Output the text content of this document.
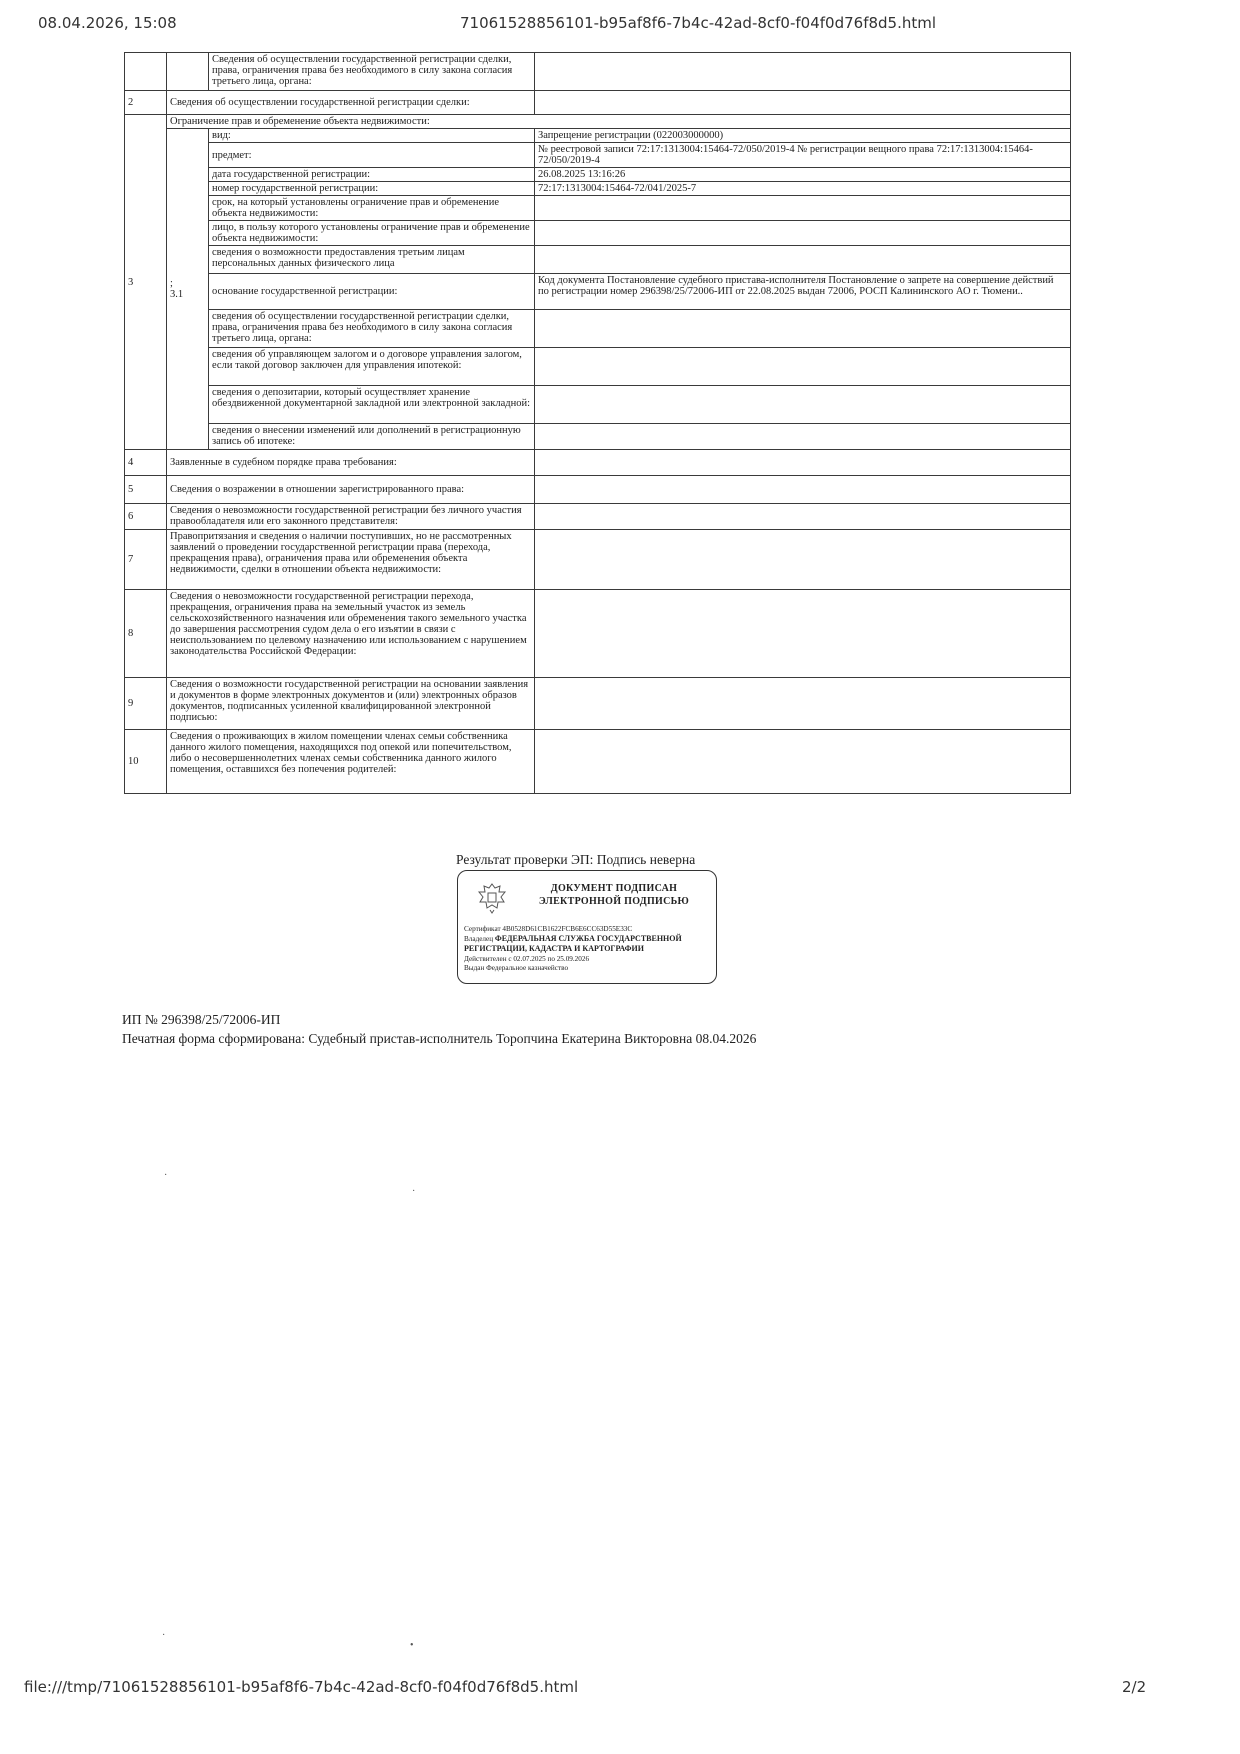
08.04.2026, 15:08	71061528856101-b95af8f6-7b4c-42ad-8cf0-f04f0d76f8d5.html
		Сведения об осуществлении государственной регистрации сделки, права, ограничения права без необходимого в силу закона согласия третьего лица, органа:	
2	Сведения об осуществлении государственной регистрации сделки:		
3	Ограничение прав и обременение объекта недвижимости:		
	;
3.1	вид:	Запрещение регистрации (022003000000)
		предмет:	№ реестровой записи 72:17:1313004:15464-72/050/2019-4 № регистрации вещного права 72:17:1313004:15464-72/050/2019-4
		дата государственной регистрации:	26.08.2025 13:16:26
		номер государственной регистрации:	72:17:1313004:15464-72/041/2025-7
		срок, на который установлены ограничение прав и обременение объекта недвижимости:	
		лицо, в пользу которого установлены ограничение прав и обременение объекта недвижимости:	
		сведения о возможности предоставления третьим лицам персональных данных физического лица	
		основание государственной регистрации:	Код документа Постановление судебного пристава-исполнителя Постановление о запрете на совершение действий по регистрации номер 296398/25/72006-ИП от 22.08.2025 выдан 72006, РОСП Калининского АО г. Тюмени..
		сведения об осуществлении государственной регистрации сделки, права, ограничения права без необходимого в силу закона согласия третьего лица, органа:	
		сведения об управляющем залогом и о договоре управления залогом, если такой договор заключен для управления ипотекой:	
		сведения о депозитарии, который осуществляет хранение обездвиженной документарной закладной или электронной закладной:	
		сведения о внесении изменений или дополнений в регистрационную запись об ипотеке:	
4	Заявленные в судебном порядке права требования:		
5	Сведения о возражении в отношении зарегистрированного права:		
6	Сведения о невозможности государственной регистрации без личного участия правообладателя или его законного представителя:		
7	Правопритязания и сведения о наличии поступивших, но не рассмотренных заявлений о проведении государственной регистрации права (перехода, прекращения права), ограничения права или обременения объекта недвижимости, сделки в отношении объекта недвижимости:		
8	Сведения о невозможности государственной регистрации перехода, прекращения, ограничения права на земельный участок из земель сельскохозяйственного назначения или обременения такого земельного участка до завершения рассмотрения судом дела о его изъятии в связи с неиспользованием по целевому назначению или использованием с нарушением законодательства Российской Федерации:		
9	Сведения о возможности государственной регистрации на основании заявления и документов в форме электронных документов и (или) электронных образов документов, подписанных усиленной квалифицированной электронной подписью:		
10	Сведения о проживающих в жилом помещении членах семьи собственника данного жилого помещения, находящихся под опекой или попечительством, либо о несовершеннолетних членах семьи собственника данного жилого помещения, оставшихся без попечения родителей:		
Результат проверки ЭП: Подпись неверна
ДОКУМЕНТ ПОДПИСАН
ЭЛЕКТРОННОЙ ПОДПИСЬЮ
Сертификат 4B0528D61CB1622FCB6E6CC63D55E33C
Владелец ФЕДЕРАЛЬНАЯ СЛУЖБА ГОСУДАРСТВЕННОЙ РЕГИСТРАЦИИ, КАДАСТРА И КАРТОГРАФИИ
Действителен с 02.07.2025 по 25.09.2026
Выдан Федеральное казначейство
ИП № 296398/25/72006-ИП
Печатная форма сформирована: Судебный пристав-исполнитель Торопчина Екатерина Викторовна 08.04.2026
·
·
·
•
file:///tmp/71061528856101-b95af8f6-7b4c-42ad-8cf0-f04f0d76f8d5.html	2/2
